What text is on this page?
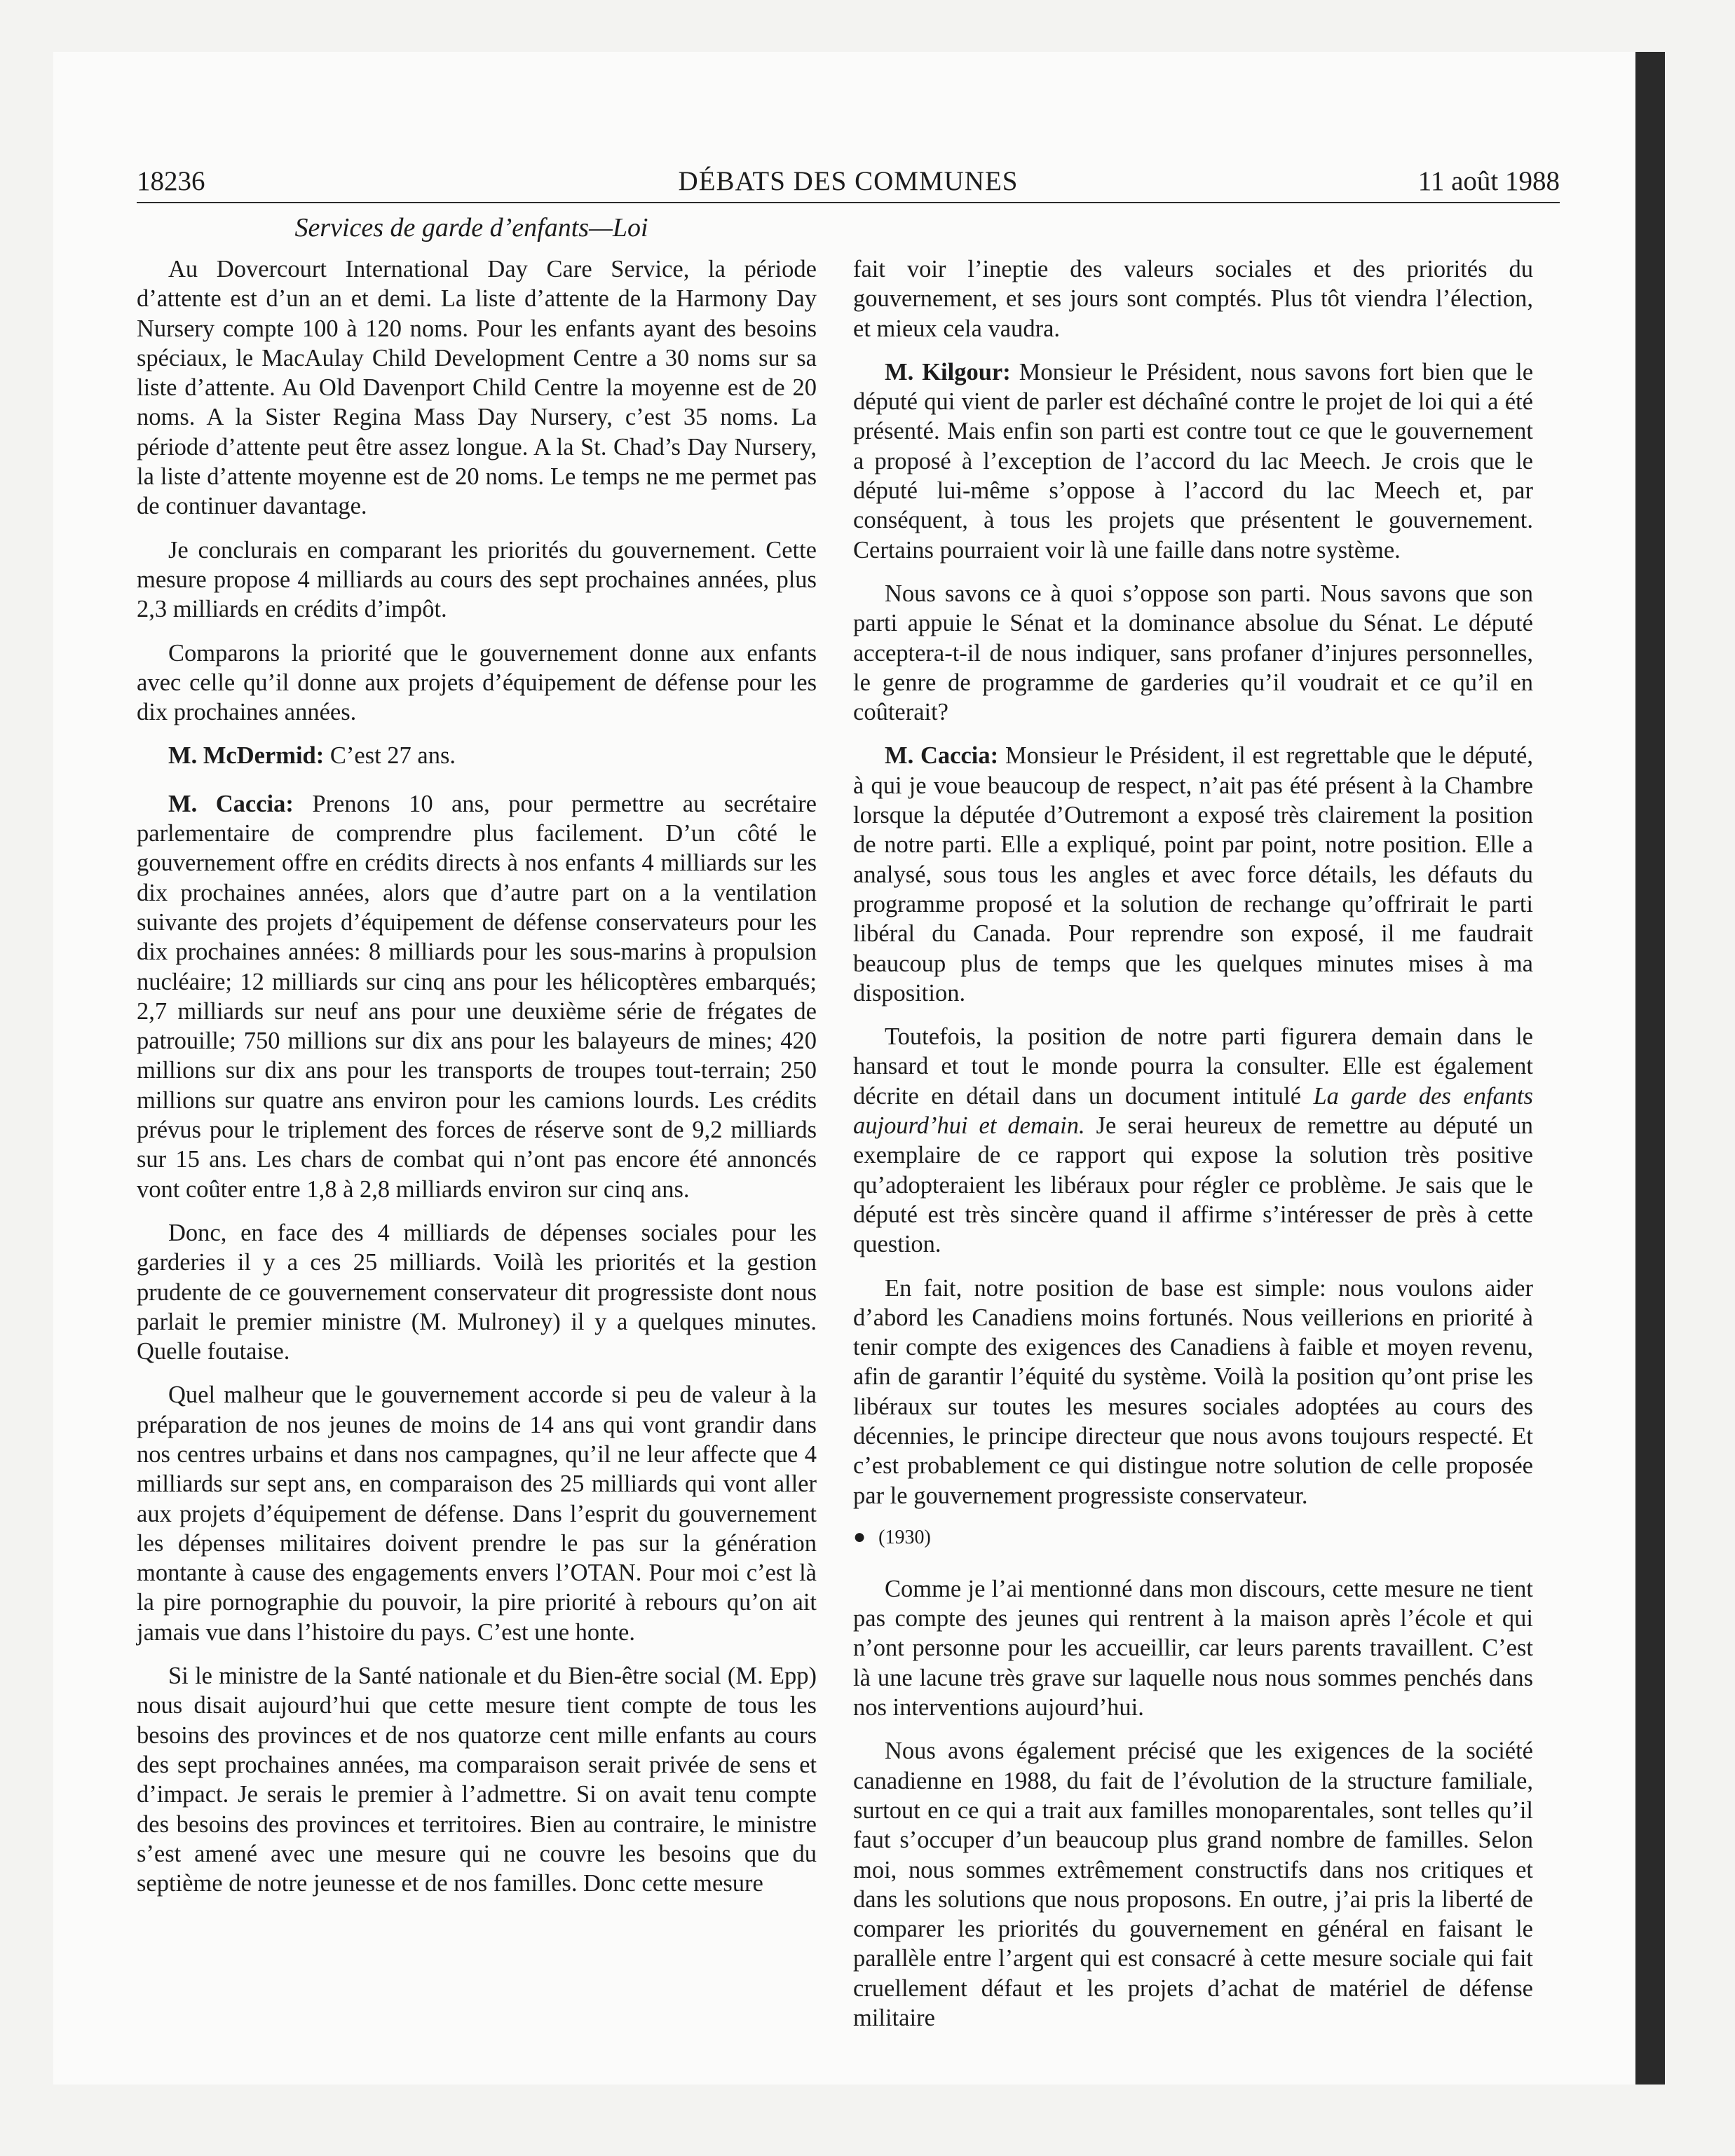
18236	DÉBATS DES COMMUNES	11 août 1988
Services de garde d’enfants—Loi

Au Dovercourt International Day Care Service, la période d’attente est d’un an et demi. La liste d’attente de la Harmony Day Nursery compte 100 à 120 noms. Pour les enfants ayant des besoins spéciaux, le MacAulay Child Development Centre a 30 noms sur sa liste d’attente. Au Old Davenport Child Centre la moyenne est de 20 noms. A la Sister Regina Mass Day Nursery, c’est 35 noms. La période d’attente peut être assez longue. A la St. Chad’s Day Nursery, la liste d’attente moyenne est de 20 noms. Le temps ne me permet pas de continuer davantage.

Je conclurais en comparant les priorités du gouvernement. Cette mesure propose 4 milliards au cours des sept prochaines années, plus 2,3 milliards en crédits d’impôt.

Comparons la priorité que le gouvernement donne aux enfants avec celle qu’il donne aux projets d’équipement de défense pour les dix prochaines années.

M. McDermid: C’est 27 ans.

M. Caccia: Prenons 10 ans, pour permettre au secrétaire parlementaire de comprendre plus facilement. D’un côté le gouvernement offre en crédits directs à nos enfants 4 milliards sur les dix prochaines années, alors que d’autre part on a la ventilation suivante des projets d’équipement de défense conservateurs pour les dix prochaines années: 8 milliards pour les sous-marins à propulsion nucléaire; 12 milliards sur cinq ans pour les hélicoptères embarqués; 2,7 milliards sur neuf ans pour une deuxième série de frégates de patrouille; 750 millions sur dix ans pour les balayeurs de mines; 420 millions sur dix ans pour les transports de troupes tout-terrain; 250 millions sur quatre ans environ pour les camions lourds. Les crédits prévus pour le triplement des forces de réserve sont de 9,2 milliards sur 15 ans. Les chars de combat qui n’ont pas encore été annoncés vont coûter entre 1,8 à 2,8 milliards environ sur cinq ans.

Donc, en face des 4 milliards de dépenses sociales pour les garderies il y a ces 25 milliards. Voilà les priorités et la gestion prudente de ce gouvernement conservateur dit progressiste dont nous parlait le premier ministre (M. Mulroney) il y a quelques minutes. Quelle foutaise.

Quel malheur que le gouvernement accorde si peu de valeur à la préparation de nos jeunes de moins de 14 ans qui vont grandir dans nos centres urbains et dans nos campagnes, qu’il ne leur affecte que 4 milliards sur sept ans, en comparaison des 25 milliards qui vont aller aux projets d’équipement de défense. Dans l’esprit du gouvernement les dépenses militaires doivent prendre le pas sur la génération montante à cause des engagements envers l’OTAN. Pour moi c’est là la pire pornographie du pouvoir, la pire priorité à rebours qu’on ait jamais vue dans l’histoire du pays. C’est une honte.

Si le ministre de la Santé nationale et du Bien-être social (M. Epp) nous disait aujourd’hui que cette mesure tient compte de tous les besoins des provinces et de nos quatorze cent mille enfants au cours des sept prochaines années, ma comparaison serait privée de sens et d’impact. Je serais le premier à l’admettre. Si on avait tenu compte des besoins des provinces et territoires. Bien au contraire, le ministre s’est amené avec une mesure qui ne couvre les besoins que du septième de notre jeunesse et de nos familles. Donc cette mesure

fait voir l’ineptie des valeurs sociales et des priorités du gouvernement, et ses jours sont comptés. Plus tôt viendra l’élection, et mieux cela vaudra.

M. Kilgour: Monsieur le Président, nous savons fort bien que le député qui vient de parler est déchaîné contre le projet de loi qui a été présenté. Mais enfin son parti est contre tout ce que le gouvernement a proposé à l’exception de l’accord du lac Meech. Je crois que le député lui-même s’oppose à l’accord du lac Meech et, par conséquent, à tous les projets que présentent le gouvernement. Certains pourraient voir là une faille dans notre système.

Nous savons ce à quoi s’oppose son parti. Nous savons que son parti appuie le Sénat et la dominance absolue du Sénat. Le député acceptera-t-il de nous indiquer, sans profaner d’injures personnelles, le genre de programme de garderies qu’il voudrait et ce qu’il en coûterait?

M. Caccia: Monsieur le Président, il est regrettable que le député, à qui je voue beaucoup de respect, n’ait pas été présent à la Chambre lorsque la députée d’Outremont a exposé très clairement la position de notre parti. Elle a expliqué, point par point, notre position. Elle a analysé, sous tous les angles et avec force détails, les défauts du programme proposé et la solution de rechange qu’offrirait le parti libéral du Canada. Pour reprendre son exposé, il me faudrait beaucoup plus de temps que les quelques minutes mises à ma disposition.

Toutefois, la position de notre parti figurera demain dans le hansard et tout le monde pourra la consulter. Elle est également décrite en détail dans un document intitulé La garde des enfants aujourd’hui et demain. Je serai heureux de remettre au député un exemplaire de ce rapport qui expose la solution très positive qu’adopteraient les libéraux pour régler ce problème. Je sais que le député est très sincère quand il affirme s’intéresser de près à cette question.

En fait, notre position de base est simple: nous voulons aider d’abord les Canadiens moins fortunés. Nous veillerions en priorité à tenir compte des exigences des Canadiens à faible et moyen revenu, afin de garantir l’équité du système. Voilà la position qu’ont prise les libéraux sur toutes les mesures sociales adoptées au cours des décennies, le principe directeur que nous avons toujours respecté. Et c’est probablement ce qui distingue notre solution de celle proposée par le gouvernement progressiste conservateur.

● (1930)

Comme je l’ai mentionné dans mon discours, cette mesure ne tient pas compte des jeunes qui rentrent à la maison après l’école et qui n’ont personne pour les accueillir, car leurs parents travaillent. C’est là une lacune très grave sur laquelle nous nous sommes penchés dans nos interventions aujourd’hui.

Nous avons également précisé que les exigences de la société canadienne en 1988, du fait de l’évolution de la structure familiale, surtout en ce qui a trait aux familles monoparentales, sont telles qu’il faut s’occuper d’un beaucoup plus grand nombre de familles. Selon moi, nous sommes extrêmement constructifs dans nos critiques et dans les solutions que nous proposons. En outre, j’ai pris la liberté de comparer les priorités du gouvernement en général en faisant le parallèle entre l’argent qui est consacré à cette mesure sociale qui fait cruellement défaut et les projets d’achat de matériel de défense militaire
